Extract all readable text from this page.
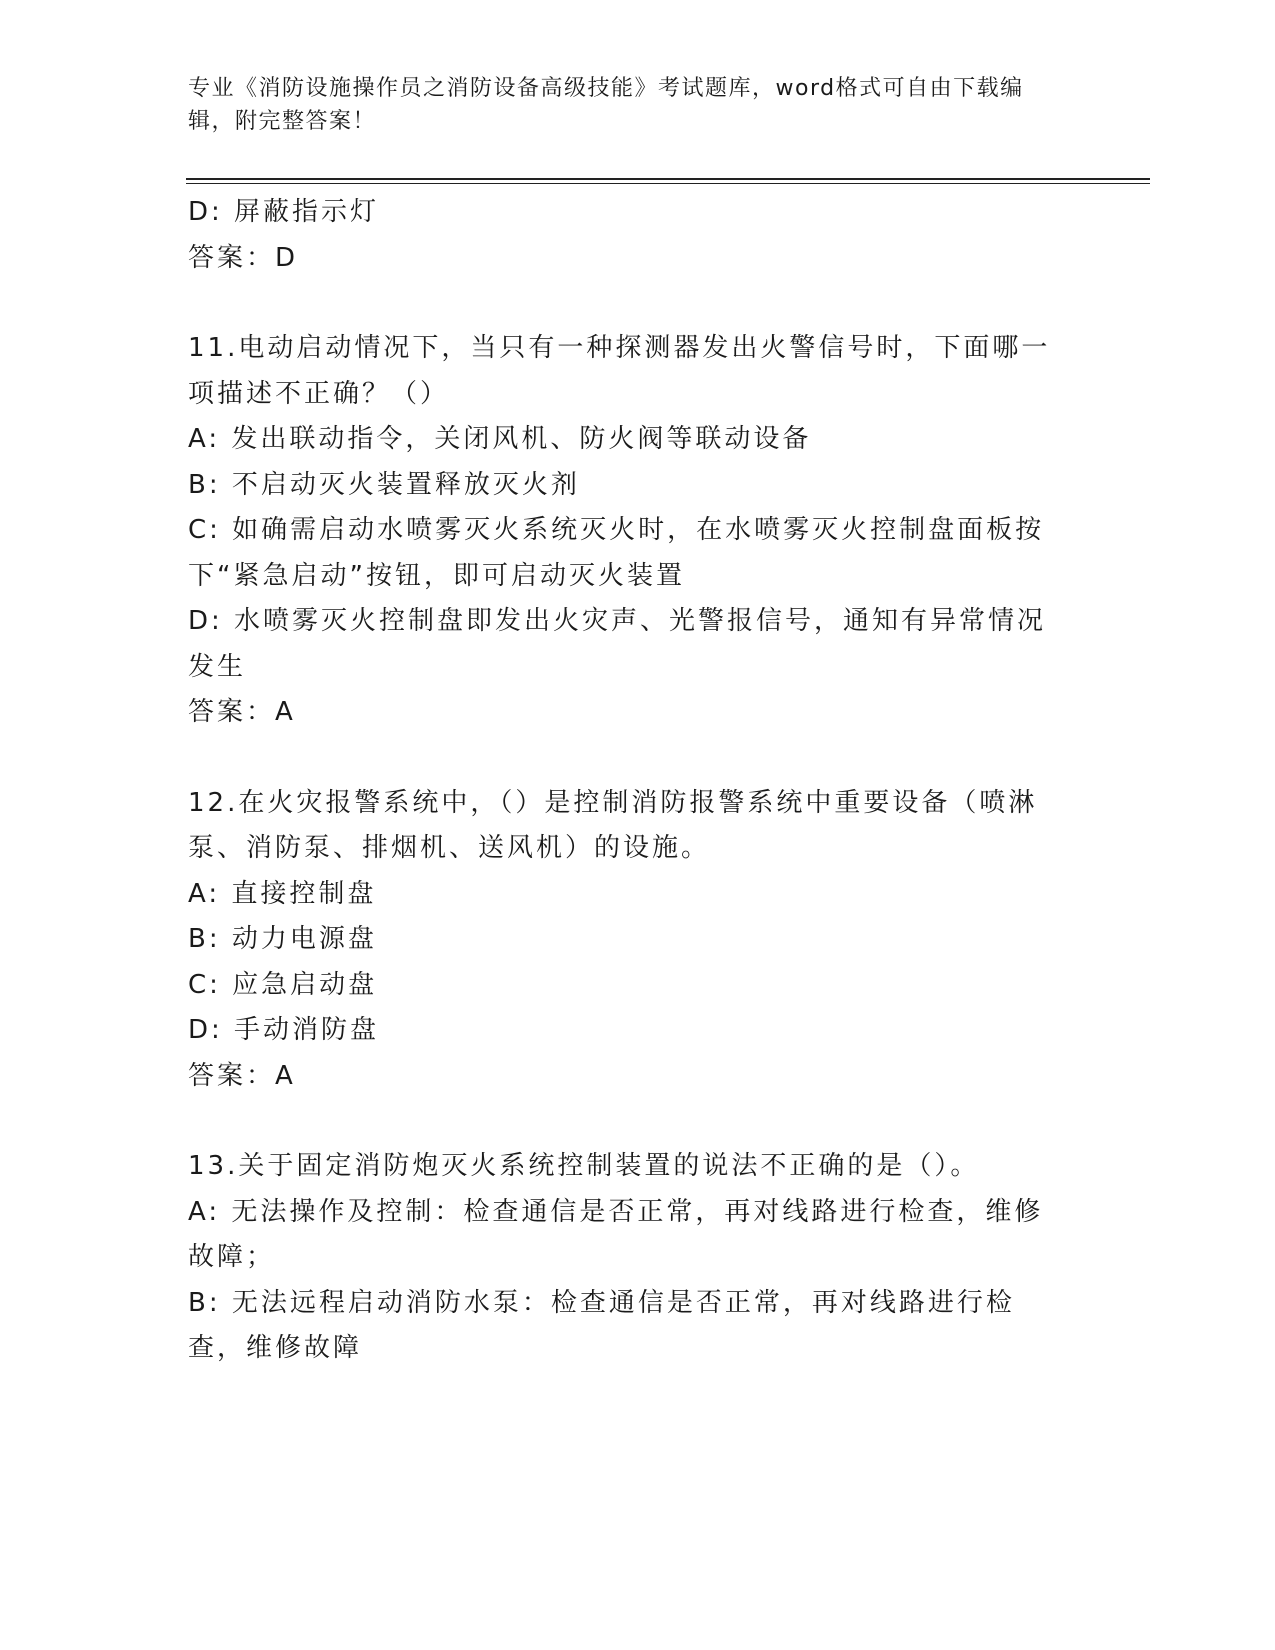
专业《消防设施操作员之消防设备高级技能》考试题库，word格式可自由下载编辑，附完整答案！
D: 屏蔽指示灯
答案：D
11.电动启动情况下，当只有一种探测器发出火警信号时，下面哪一项描述不正确？（）
A: 发出联动指令，关闭风机、防火阀等联动设备
B: 不启动灭火装置释放灭火剂
C: 如确需启动水喷雾灭火系统灭火时，在水喷雾灭火控制盘面板按下“紧急启动”按钮，即可启动灭火装置
D: 水喷雾灭火控制盘即发出火灾声、光警报信号，通知有异常情况发生
答案：A
12.在火灾报警系统中，（）是控制消防报警系统中重要设备（喷淋泵、消防泵、排烟机、送风机）的设施。
A: 直接控制盘
B: 动力电源盘
C: 应急启动盘
D: 手动消防盘
答案：A
13.关于固定消防炮灭火系统控制装置的说法不正确的是（）。
A: 无法操作及控制：检查通信是否正常，再对线路进行检查，维修故障；
B: 无法远程启动消防水泵：检查通信是否正常，再对线路进行检查，维修故障
